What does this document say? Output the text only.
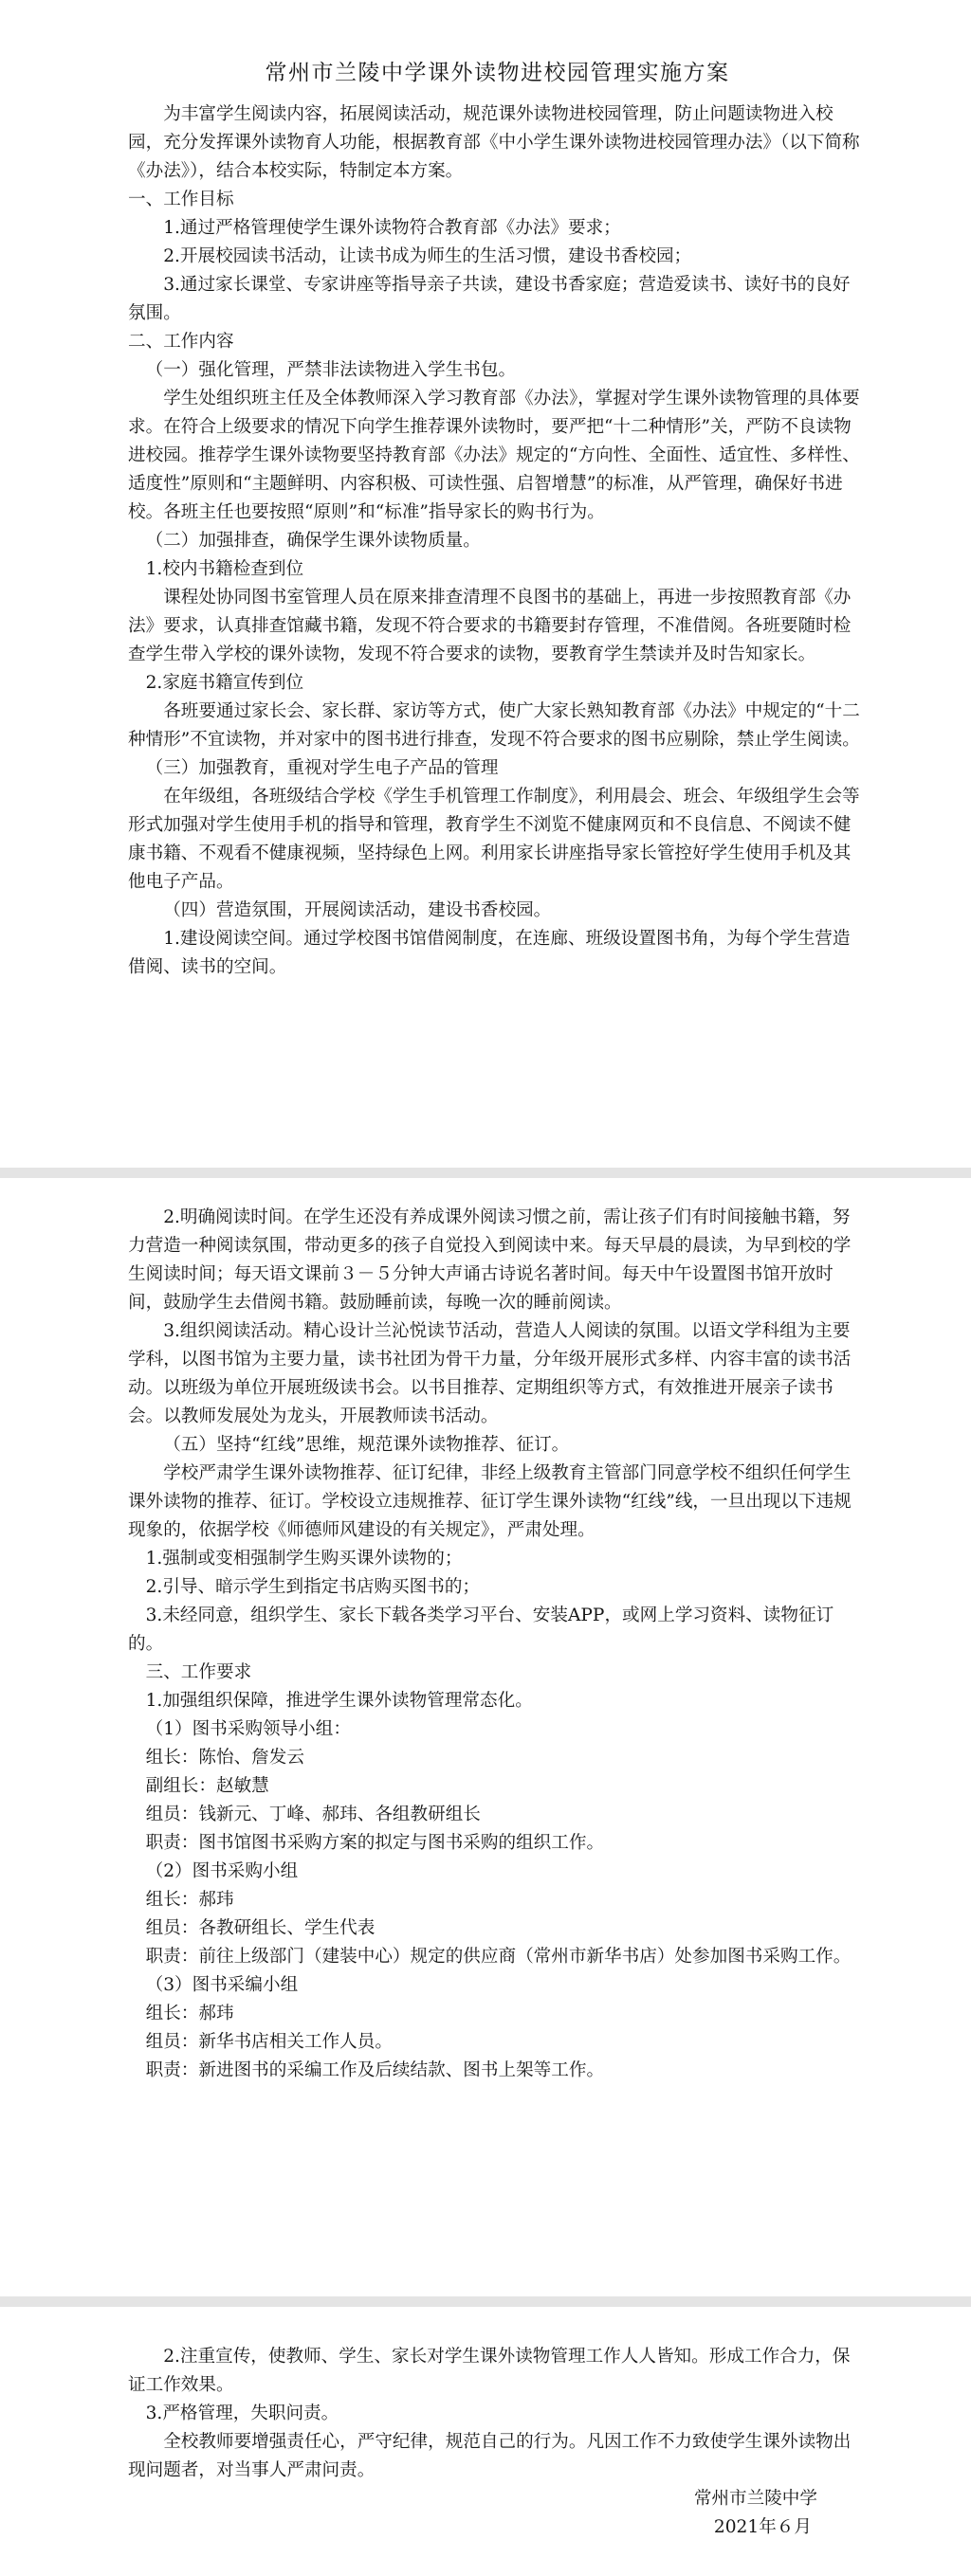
常州市兰陵中学课外读物进校园管理实施方案

为丰富学生阅读内容，拓展阅读活动，规范课外读物进校园管理，防止问题读物进入校园，充分发挥课外读物育人功能，根据教育部《中小学生课外读物进校园管理办法》（以下简称《办法》），结合本校实际，特制定本方案。

一、工作目标

1.通过严格管理使学生课外读物符合教育部《办法》要求；

2.开展校园读书活动，让读书成为师生的生活习惯，建设书香校园；

3.通过家长课堂、专家讲座等指导亲子共读，建设书香家庭；营造爱读书、读好书的良好氛围。

二、工作内容

（一）强化管理，严禁非法读物进入学生书包。

学生处组织班主任及全体教师深入学习教育部《办法》，掌握对学生课外读物管理的具体要求。在符合上级要求的情况下向学生推荐课外读物时，要严把“十二种情形”关，严防不良读物进校园。推荐学生课外读物要坚持教育部《办法》规定的“方向性、全面性、适宜性、多样性、适度性”原则和“主题鲜明、内容积极、可读性强、启智增慧”的标准，从严管理，确保好书进校。各班主任也要按照“原则”和“标准”指导家长的购书行为。

（二）加强排查，确保学生课外读物质量。

1.校内书籍检查到位

课程处协同图书室管理人员在原来排查清理不良图书的基础上，再进一步按照教育部《办法》要求，认真排查馆藏书籍，发现不符合要求的书籍要封存管理，不准借阅。各班要随时检查学生带入学校的课外读物，发现不符合要求的读物，要教育学生禁读并及时告知家长。

2.家庭书籍宣传到位

各班要通过家长会、家长群、家访等方式，使广大家长熟知教育部《办法》中规定的“十二种情形”不宜读物，并对家中的图书进行排查，发现不符合要求的图书应剔除，禁止学生阅读。

（三）加强教育，重视对学生电子产品的管理

在年级组，各班级结合学校《学生手机管理工作制度》，利用晨会、班会、年级组学生会等形式加强对学生使用手机的指导和管理，教育学生不浏览不健康网页和不良信息、不阅读不健康书籍、不观看不健康视频，坚持绿色上网。利用家长讲座指导家长管控好学生使用手机及其他电子产品。

（四）营造氛围，开展阅读活动，建设书香校园。

1.建设阅读空间。通过学校图书馆借阅制度，在连廊、班级设置图书角，为每个学生营造借阅、读书的空间。

2.明确阅读时间。在学生还没有养成课外阅读习惯之前，需让孩子们有时间接触书籍，努力营造一种阅读氛围，带动更多的孩子自觉投入到阅读中来。每天早晨的晨读，为早到校的学生阅读时间；每天语文课前３－５分钟大声诵古诗说名著时间。每天中午设置图书馆开放时间，鼓励学生去借阅书籍。鼓励睡前读，每晚一次的睡前阅读。

3.组织阅读活动。精心设计兰沁悦读节活动，营造人人阅读的氛围。以语文学科组为主要学科，以图书馆为主要力量，读书社团为骨干力量，分年级开展形式多样、内容丰富的读书活动。以班级为单位开展班级读书会。以书目推荐、定期组织等方式，有效推进开展亲子读书会。以教师发展处为龙头，开展教师读书活动。

（五）坚持“红线”思维，规范课外读物推荐、征订。

学校严肃学生课外读物推荐、征订纪律，非经上级教育主管部门同意学校不组织任何学生课外读物的推荐、征订。学校设立违规推荐、征订学生课外读物“红线”线，一旦出现以下违规现象的，依据学校《师德师风建设的有关规定》，严肃处理。

1.强制或变相强制学生购买课外读物的；

2.引导、暗示学生到指定书店购买图书的；

3.未经同意，组织学生、家长下载各类学习平台、安装APP，或网上学习资料、读物征订的。

三、工作要求

1.加强组织保障，推进学生课外读物管理常态化。

（1）图书采购领导小组：

组长：陈怡、詹发云

副组长：赵敏慧

组员：钱新元、丁峰、郝玮、各组教研组长

职责：图书馆图书采购方案的拟定与图书采购的组织工作。

（2）图书采购小组

组长：郝玮

组员：各教研组长、学生代表

职责：前往上级部门（建装中心）规定的供应商（常州市新华书店）处参加图书采购工作。

（3）图书采编小组

组长：郝玮

组员：新华书店相关工作人员。

职责：新进图书的采编工作及后续结款、图书上架等工作。

2.注重宣传，使教师、学生、家长对学生课外读物管理工作人人皆知。形成工作合力，保证工作效果。

3.严格管理，失职问责。

全校教师要增强责任心，严守纪律，规范自己的行为。凡因工作不力致使学生课外读物出现问题者，对当事人严肃问责。

常州市兰陵中学

2021年６月
